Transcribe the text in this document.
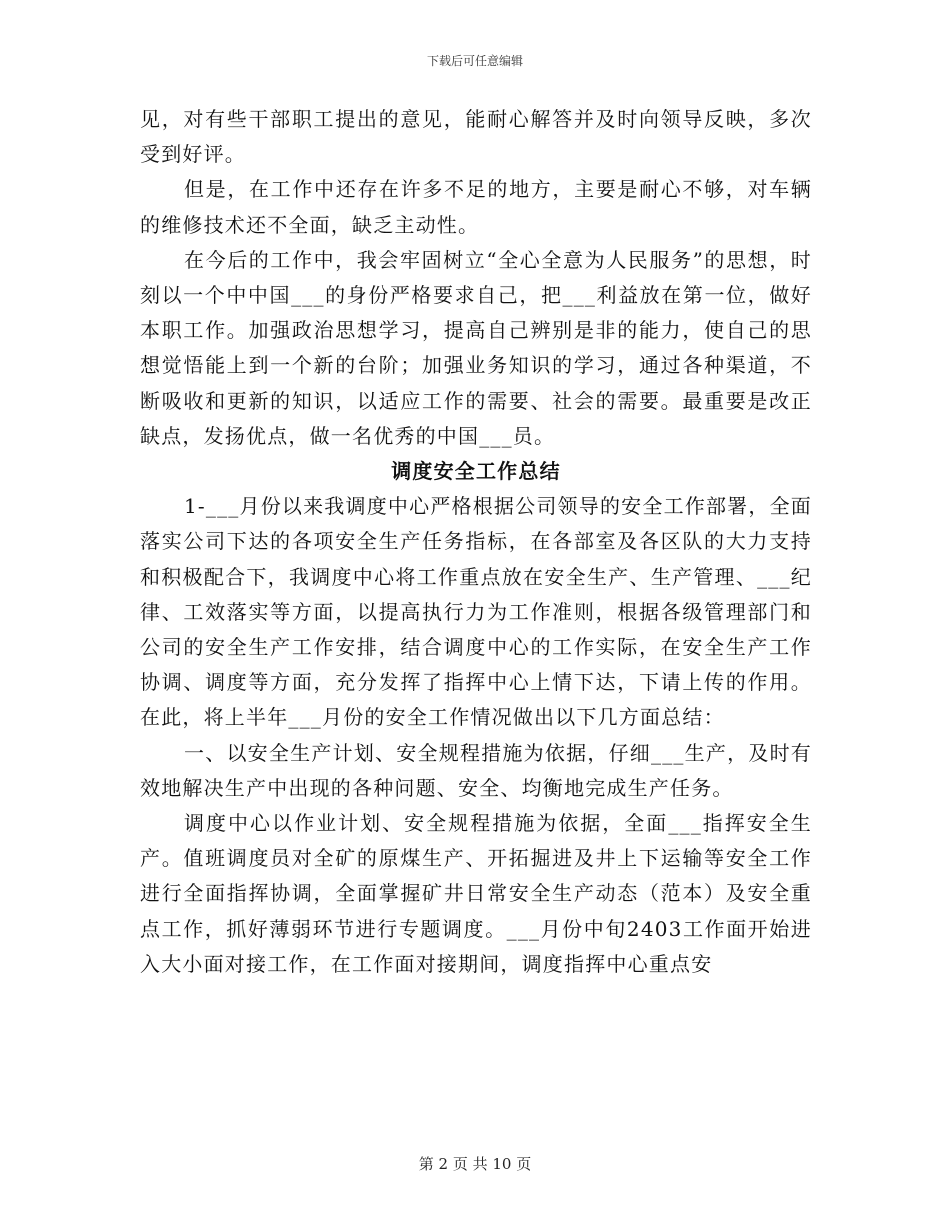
下载后可任意编辑

见，对有些干部职工提出的意见，能耐心解答并及时向领导反映，多次受到好评。

但是，在工作中还存在许多不足的地方，主要是耐心不够，对车辆的维修技术还不全面，缺乏主动性。

在今后的工作中，我会牢固树立“全心全意为人民服务”的思想，时刻以一个中中国___的身份严格要求自己，把___利益放在第一位，做好本职工作。加强政治思想学习，提高自己辨别是非的能力，使自己的思想觉悟能上到一个新的台阶；加强业务知识的学习，通过各种渠道，不断吸收和更新的知识，以适应工作的需要、社会的需要。最重要是改正缺点，发扬优点，做一名优秀的中国___员。

调度安全工作总结

1-___月份以来我调度中心严格根据公司领导的安全工作部署，全面落实公司下达的各项安全生产任务指标，在各部室及各区队的大力支持和积极配合下，我调度中心将工作重点放在安全生产、生产管理、___纪律、工效落实等方面，以提高执行力为工作准则，根据各级管理部门和公司的安全生产工作安排，结合调度中心的工作实际，在安全生产工作协调、调度等方面，充分发挥了指挥中心上情下达，下请上传的作用。在此，将上半年___月份的安全工作情况做出以下几方面总结：

一、以安全生产计划、安全规程措施为依据，仔细___生产，及时有效地解决生产中出现的各种问题、安全、均衡地完成生产任务。

调度中心以作业计划、安全规程措施为依据，全面___指挥安全生产。值班调度员对全矿的原煤生产、开拓掘进及井上下运输等安全工作进行全面指挥协调，全面掌握矿井日常安全生产动态（范本）及安全重点工作，抓好薄弱环节进行专题调度。___月份中旬2403工作面开始进入大小面对接工作，在工作面对接期间，调度指挥中心重点安

第 2 页 共 10 页
